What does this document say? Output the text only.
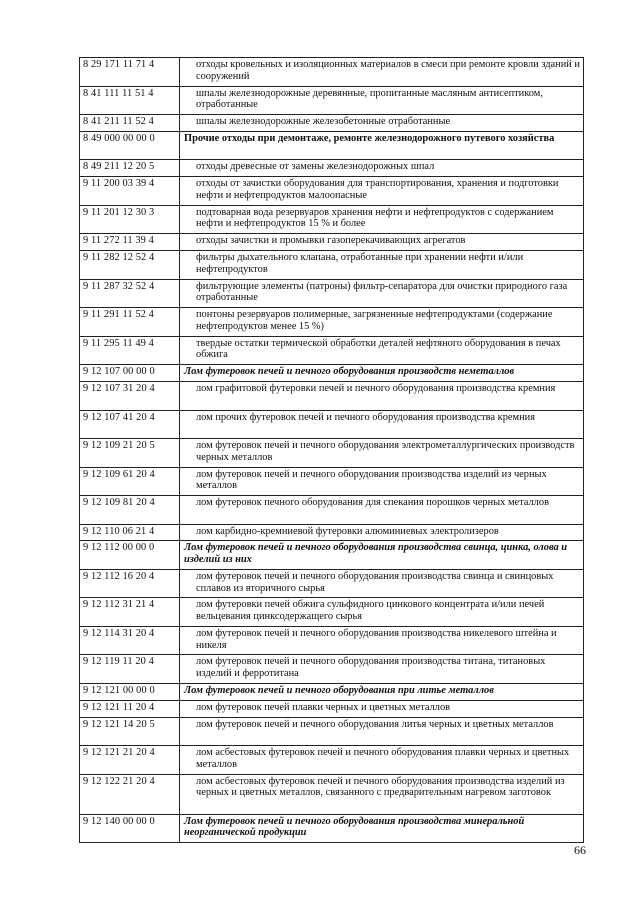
8 29 171 11 71 4	отходы кровельных и изоляционных материалов в смеси при ремонте кровли зданий и сооружений
8 41 111 11 51 4	шпалы железнодорожные деревянные, пропитанные масляным антисептиком, отработанные
8 41 211 11 52 4	шпалы железнодорожные железобетонные отработанные
8 49 000 00 00 0	Прочие отходы при демонтаже, ремонте железнодорожного путевого хозяйства
8 49 211 12 20 5	отходы древесные от замены железнодорожных шпал
9 11 200 03 39 4	отходы от зачистки оборудования для транспортирования, хранения и подготовки нефти и нефтепродуктов малоопасные
9 11 201 12 30 3	подтоварная вода резервуаров хранения нефти и нефтепродуктов с содержанием нефти и нефтепродуктов 15 % и более
9 11 272 11 39 4	отходы зачистки и промывки газоперекачивающих агрегатов
9 11 282 12 52 4	фильтры дыхательного клапана, отработанные при хранении нефти и/или нефтепродуктов
9 11 287 32 52 4	фильтрующие элементы (патроны) фильтр-сепаратора для очистки природного газа отработанные
9 11 291 11 52 4	понтоны резервуаров полимерные, загрязненные нефтепродуктами (содержание нефтепродуктов менее 15 %)
9 11 295 11 49 4	твердые остатки термической обработки деталей нефтяного оборудования в печах обжига
9 12 107 00 00 0	Лом футеровок печей и печного оборудования производств неметаллов
9 12 107 31 20 4	лом графитовой футеровки печей и печного оборудования производства кремния
9 12 107 41 20 4	лом прочих футеровок печей и печного оборудования производства кремния
9 12 109 21 20 5	лом футеровок печей и печного оборудования электрометаллургических производств черных металлов
9 12 109 61 20 4	лом футеровок печей и печного оборудования производства изделий из черных металлов
9 12 109 81 20 4	лом футеровок печного оборудования для спекания порошков черных металлов
9 12 110 06 21 4	лом карбидно-кремниевой футеровки алюминиевых электролизеров
9 12 112 00 00 0	Лом футеровок печей и печного оборудования производства свинца, цинка, олова и изделий из них
9 12 112 16 20 4	лом футеровок печей и печного оборудования производства свинца и свинцовых сплавов из вторичного сырья
9 12 112 31 21 4	лом футеровки печей обжига сульфидного цинкового концентрата и/или печей вельцевания цинксодержащего сырья
9 12 114 31 20 4	лом футеровок печей и печного оборудования производства никелевого штейна и никеля
9 12 119 11 20 4	лом футеровок печей и печного оборудования производства титана, титановых изделий и ферротитана
9 12 121 00 00 0	Лом футеровок печей и печного оборудования при литье металлов
9 12 121 11 20 4	лом футеровок печей плавки черных и цветных металлов
9 12 121 14 20 5	лом футеровок печей и печного оборудования литья черных и цветных металлов
9 12 121 21 20 4	лом асбестовых футеровок печей и печного оборудования плавки черных и цветных металлов
9 12 122 21 20 4	лом асбестовых футеровок печей и печного оборудования производства изделий из черных и цветных металлов, связанного с предварительным нагревом заготовок
9 12 140 00 00 0	Лом футеровок печей и печного оборудования производства минеральной неорганической продукции
66
